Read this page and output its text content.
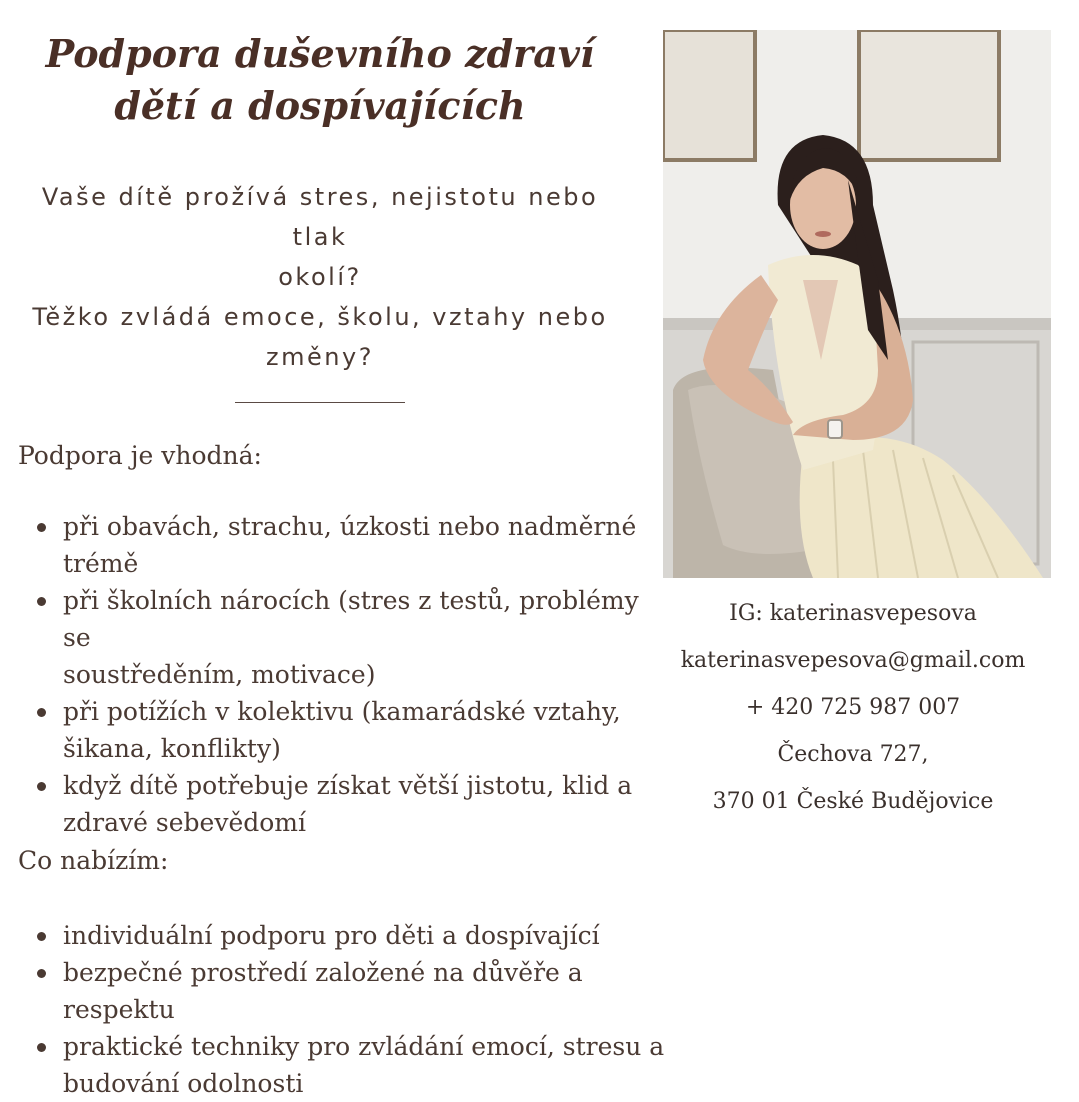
Podpora duševního zdraví
dětí a dospívajících
Vaše dítě prožívá stres, nejistotu nebo tlak
okolí?
Těžko zvládá emoce, školu, vztahy nebo
změny?
Podpora je vhodná:
při obavách, strachu, úzkosti nebo nadměrné
trémě
při školních nárocích (stres z testů, problémy se
soustředěním, motivace)
při potížích v kolektivu (kamarádské vztahy,
šikana, konflikty)
když dítě potřebuje získat větší jistotu, klid a
zdravé sebevědomí
Co nabízím:
individuální podporu pro děti a dospívající
bezpečné prostředí založené na důvěře a respektu
praktické techniky pro zvládání emocí, stresu a
budování odolnosti
IG: katerinasvepesova
katerinasvepesova@gmail.com
+ 420 725 987 007
Čechova 727,
370 01 České Budějovice
